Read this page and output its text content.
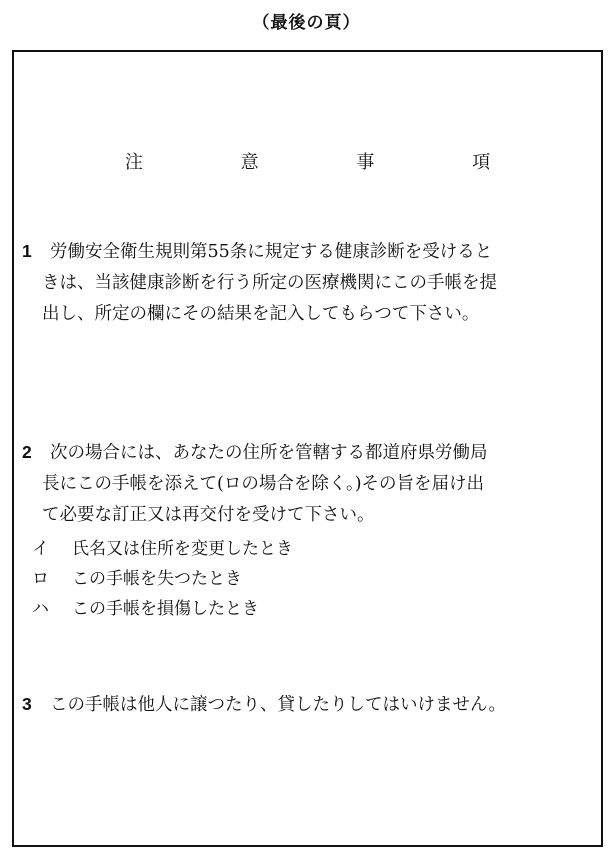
（最後の頁）
注	意	事	項
1 労働安全衛生規則第55条に規定する健康診断を受けると
きは、当該健康診断を行う所定の医療機関にこの手帳を提
出し、所定の欄にその結果を記入してもらつて下さい。
2 次の場合には、あなたの住所を管轄する都道府県労働局
長にこの手帳を添えて(ロの場合を除く。)その旨を届け出
て必要な訂正又は再交付を受けて下さい。
イ 氏名又は住所を変更したとき
ロ この手帳を失つたとき
ハ この手帳を損傷したとき
3 この手帳は他人に譲つたり、貸したりしてはいけません。
